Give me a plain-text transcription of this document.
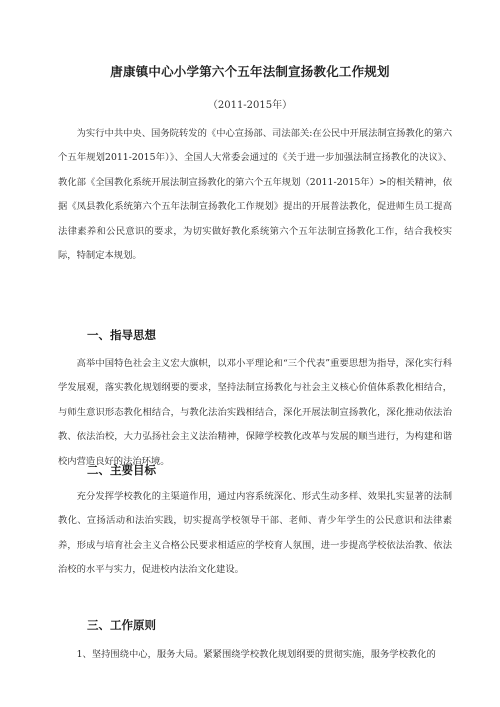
唐康镇中心小学第六个五年法制宣扬教化工作规划
（2011-2015年）

为实行中共中央、国务院转发的《中心宣扬部、司法部关:在公民中开展法制宣扬教化的第六个五年规划2011-2015年）》、全国人大常委会通过的《关于进一步加强法制宣扬教化的决议》、教化部《全国教化系统开展法制宣扬教化的第六个五年规划（2011-2015年）>的相关精神，依据《凤县教化系统第六个五年法制宣扬教化工作规划》提出的开展普法教化，促进师生员工提高法律素养和公民意识的要求，为切实做好教化系统第六个五年法制宣扬教化工作，结合我校实际，特制定本规划。

一、指导思想

高举中国特色社会主义宏大旗帜，以邓小平理论和“三个代表”重要思想为指导，深化实行科学发展观，落实教化规划纲要的要求，坚持法制宣扬教化与社会主义核心价值体系教化相结合，与师生意识形态教化相结合，与教化法治实践相结合，深化开展法制宣扬教化，深化推动依法治教、依法治校，大力弘扬社会主义法治精神，保障学校教化改革与发展的顺当进行，为构建和谐校内营造良好的法治环境。

二、主要目标

充分发挥学校教化的主渠道作用，通过内容系统深化、形式生动多样、效果扎实显著的法制教化、宣扬活动和法治实践，切实提高学校领导干部、老师、青少年学生的公民意识和法律素养，形成与培育社会主义合格公民要求相适应的学校育人氛围，进一步提高学校依法治教、依法治校的水平与实力，促进校内法治文化建设。

三、工作原则

1、坚持围绕中心，服务大局。紧紧围绕学校教化规划纲要的贯彻实施，服务学校教化的
